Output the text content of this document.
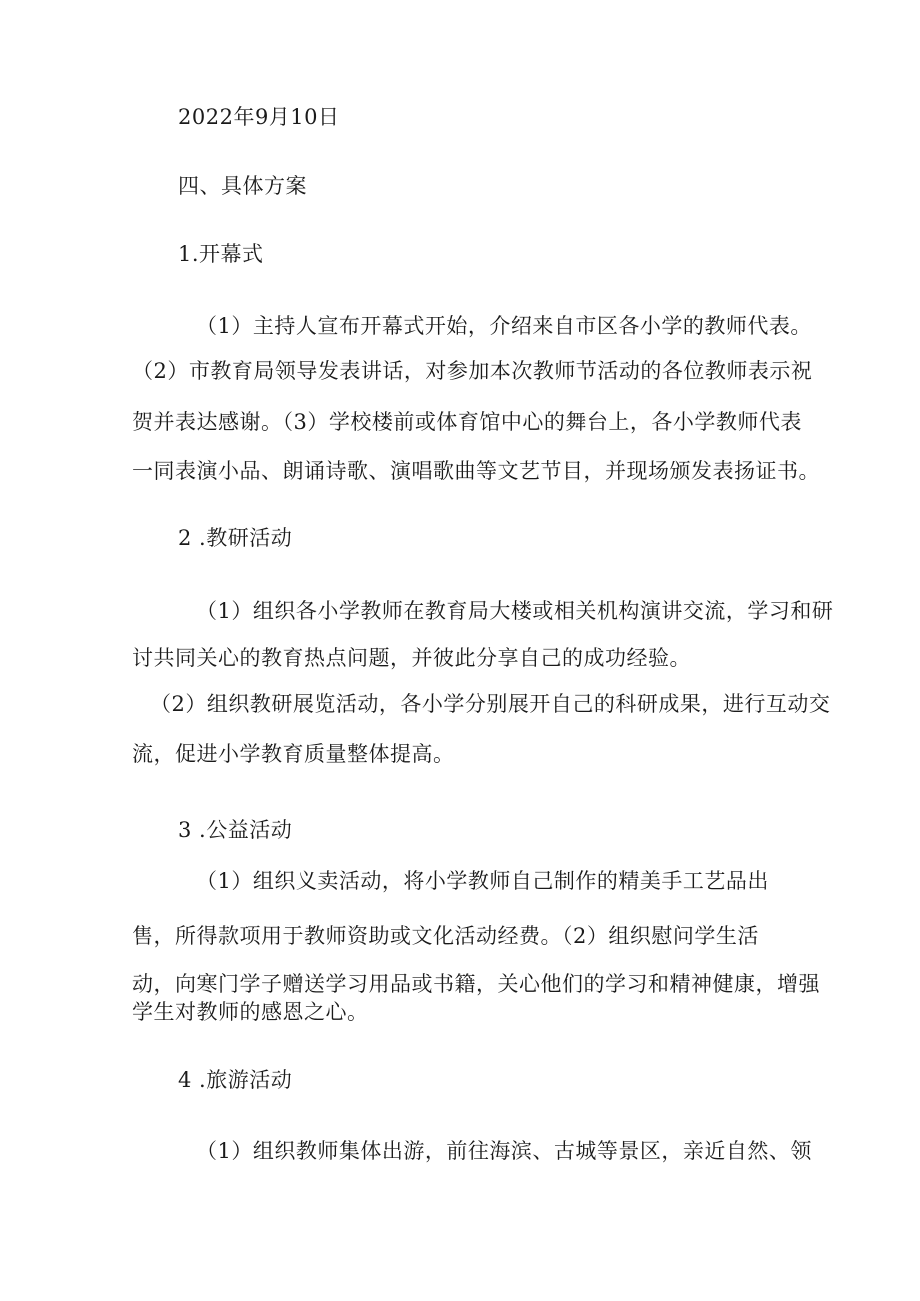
2022年9月10日
四、具体方案
1.开幕式
（1）主持人宣布开幕式开始，介绍来自市区各小学的教师代表。
（2）市教育局领导发表讲话，对参加本次教师节活动的各位教师表示祝
贺并表达感谢。（3）学校楼前或体育馆中心的舞台上，各小学教师代表
一同表演小品、朗诵诗歌、演唱歌曲等文艺节目，并现场颁发表扬证书。
2 .教研活动
（1）组织各小学教师在教育局大楼或相关机构演讲交流，学习和研
讨共同关心的教育热点问题，并彼此分享自己的成功经验。
（2）组织教研展览活动，各小学分别展开自己的科研成果，进行互动交
流，促进小学教育质量整体提高。
3 .公益活动
（1）组织义卖活动，将小学教师自己制作的精美手工艺品出
售，所得款项用于教师资助或文化活动经费。（2）组织慰问学生活
动，向寒门学子赠送学习用品或书籍，关心他们的学习和精神健康，增强
学生对教师的感恩之心。
4 .旅游活动
（1）组织教师集体出游，前往海滨、古城等景区，亲近自然、领
